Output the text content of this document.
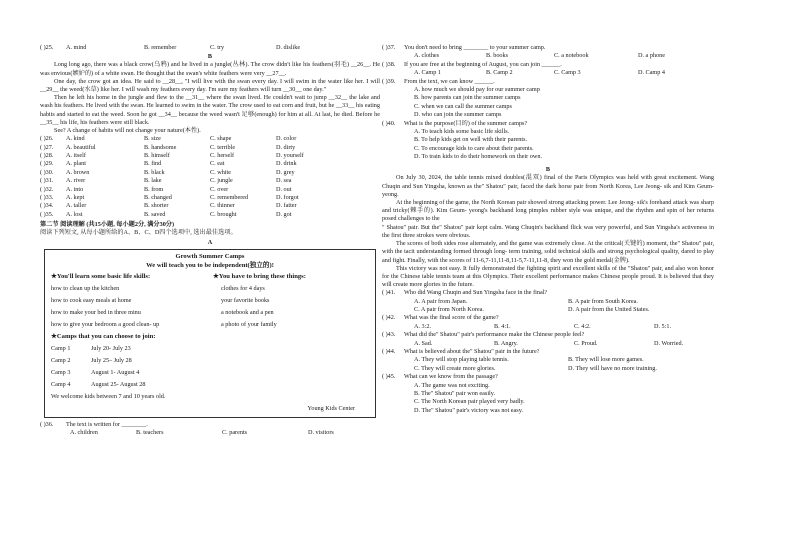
( )25.	A. mind	B. remember	C. try	D. dislike
B

Long long ago, there was a black crow(乌鸦) and he lived in a jungle(丛林). The crow didn't like his feathers(羽毛) __26__. He was envious(嫉妒的) of a white swan. He thought that the swan's white feathers were very __27__.

One day, the crow got an idea. He said to __28__, "I will live with the swan every day. I will swim in the water like her. I will __29__ the weed(水草) like her. I will wash my feathers every day. I'm sure my feathers will turn __30__ one day."

Then he left his home in the jungle and flew to the __31__ where the swan lived. He couldn't wait to jump __32__ the lake and wash his feathers. He lived with the swan. He learned to swim in the water. The crow used to eat corn and fruit, but he __33__ his eating habits and started to eat the weed. Soon he got __34__ because the weed wasn't 足够(enough) for him at all. At last, he died. Before he __35__ his life, his feathers were still black.

See? A change of habits will not change your nature(本性).

( )26.	A. kind	B. size	C. shape	D. color
( )27.	A. beautiful	B. handsome	C. terrible	D. dirty
( )28.	A. itself	B. himself	C. herself	D. yourself
( )29.	A. plant	B. find	C. eat	D. drink
( )30.	A. brown	B. black	C. white	D. grey
( )31.	A. river	B. lake	C. jungle	D. sea
( )32.	A. into	B. from	C. over	D. out
( )33.	A. kept	B. changed	C. remembered	D. forgot
( )34.	A. taller	B. shorter	C. thinner	D. fatter
( )35.	A. lost	B. saved	C. brought	D. got
第二节 阅读理解 (共15小题, 每小题2分, 满分30分)
阅读下列短文, 从每小题所给的A、B、C、D四个选项中, 选出最佳选项。
A
Growth Summer Camps
We will teach you to be independent(独立的)!
★You'll learn some basic life skills:
how to clean up the kitchen
how to cook easy meals at home
how to make your bed in three minu
how to give your bedroom a good clean- up
★You have to bring these things:
clothes for 4 days
your favorite books
a notebook and a pen
a photo of your family
★Camps that you can choose to join:
Camp 1	July 20- July 23
Camp 2	July 25– July 28
Camp 3	August 1- August 4
Camp 4	August 25- August 28
We welcome kids between 7 and 10 years old.
Young Kids Center
( )36.	The text is written for ________.
A. children	B. teachers	C. parents	D. visitors
( )37.	You don't need to bring ________ to your summer camp.
A. clothes	B. books	C. a notebook	D. a phone
( )38.	If you are free at the beginning of August, you can join ______.
A. Camp 1	B. Camp 2	C. Camp 3	D. Camp 4
( )39.	From the text, we can know ______.
A. how much we should pay for our summer camp
B. how parents can join the summer camps
C. when we can call the summer camps
D. who can join the summer camps
( )40.	What is the purpose(目的) of the summer camps?
A. To teach kids some basic life skills.
B. To help kids get on well with their parents.
C. To encourage kids to care about their parents.
D. To train kids to do their homework on their own.
B

On July 30, 2024, the table tennis mixed doubles(混双) final of the Paris Olympics was held with great excitement. Wang Chuqin and Sun Yingsha, known as the" Shatou" pair, faced the dark horse pair from North Korea, Lee Jeong- sik and Kim Geum- yeong.

At the beginning of the game, the North Korean pair showed strong attacking power. Lee Jeong- sik's forehand attack was sharp and tricky(棘手的). Kim Geum- yeong's backhand long pimples rubber style was unique, and the rhythm and spin of her returns posed challenges to the

" Shatou" pair. But the" Shatou" pair kept calm. Wang Chuqin's backhand flick was very powerful, and Sun Yingsha's activeness in the first three strokes were obvious.

The scores of both sides rose alternately, and the game was extremely close. At the critical(关键的) moment, the" Shatou" pair, with the tacit understanding formed through long- term training, solid technical skills and strong psychological quality, dared to play and fight. Finally, with the scores of 11-6,7-11,11-8,11-5,7-11,11-8, they won the gold medal(金牌).

This victory was not easy. It fully demonstrated the fighting spirit and excellent skills of the "Shatou" pair, and also won honor for the Chinese table tennis team at this Olympics. Their excellent performance makes Chinese people proud. It is believed that they will create more glories in the future.

( )41.	Who did Wang Chuqin and Sun Yingsha face in the final?
A. A pair from Japan.	B. A pair from South Korea.
C. A pair from North Korea.	D. A pair from the United States.
( )42.	What was the final score of the game?
A. 3:2.	B. 4:1.	C. 4:2.	D. 5:1.
( )43.	What did the" Shatou" pair's performance make the Chinese people feel?
A. Sad.	B. Angry.	C. Proud.	D. Worried.
( )44.	What is believed about the" Shatou" pair in the future?
A. They will stop playing table tennis.	B. They will lose more games.
C. They will create more glories.	D. They will have no more training.
( )45.	What can we know from the passage?
A. The game was not exciting.
B. The" Shatou" pair won easily.
C. The North Korean pair played very badly.
D. The" Shatou" pair's victory was not easy.
